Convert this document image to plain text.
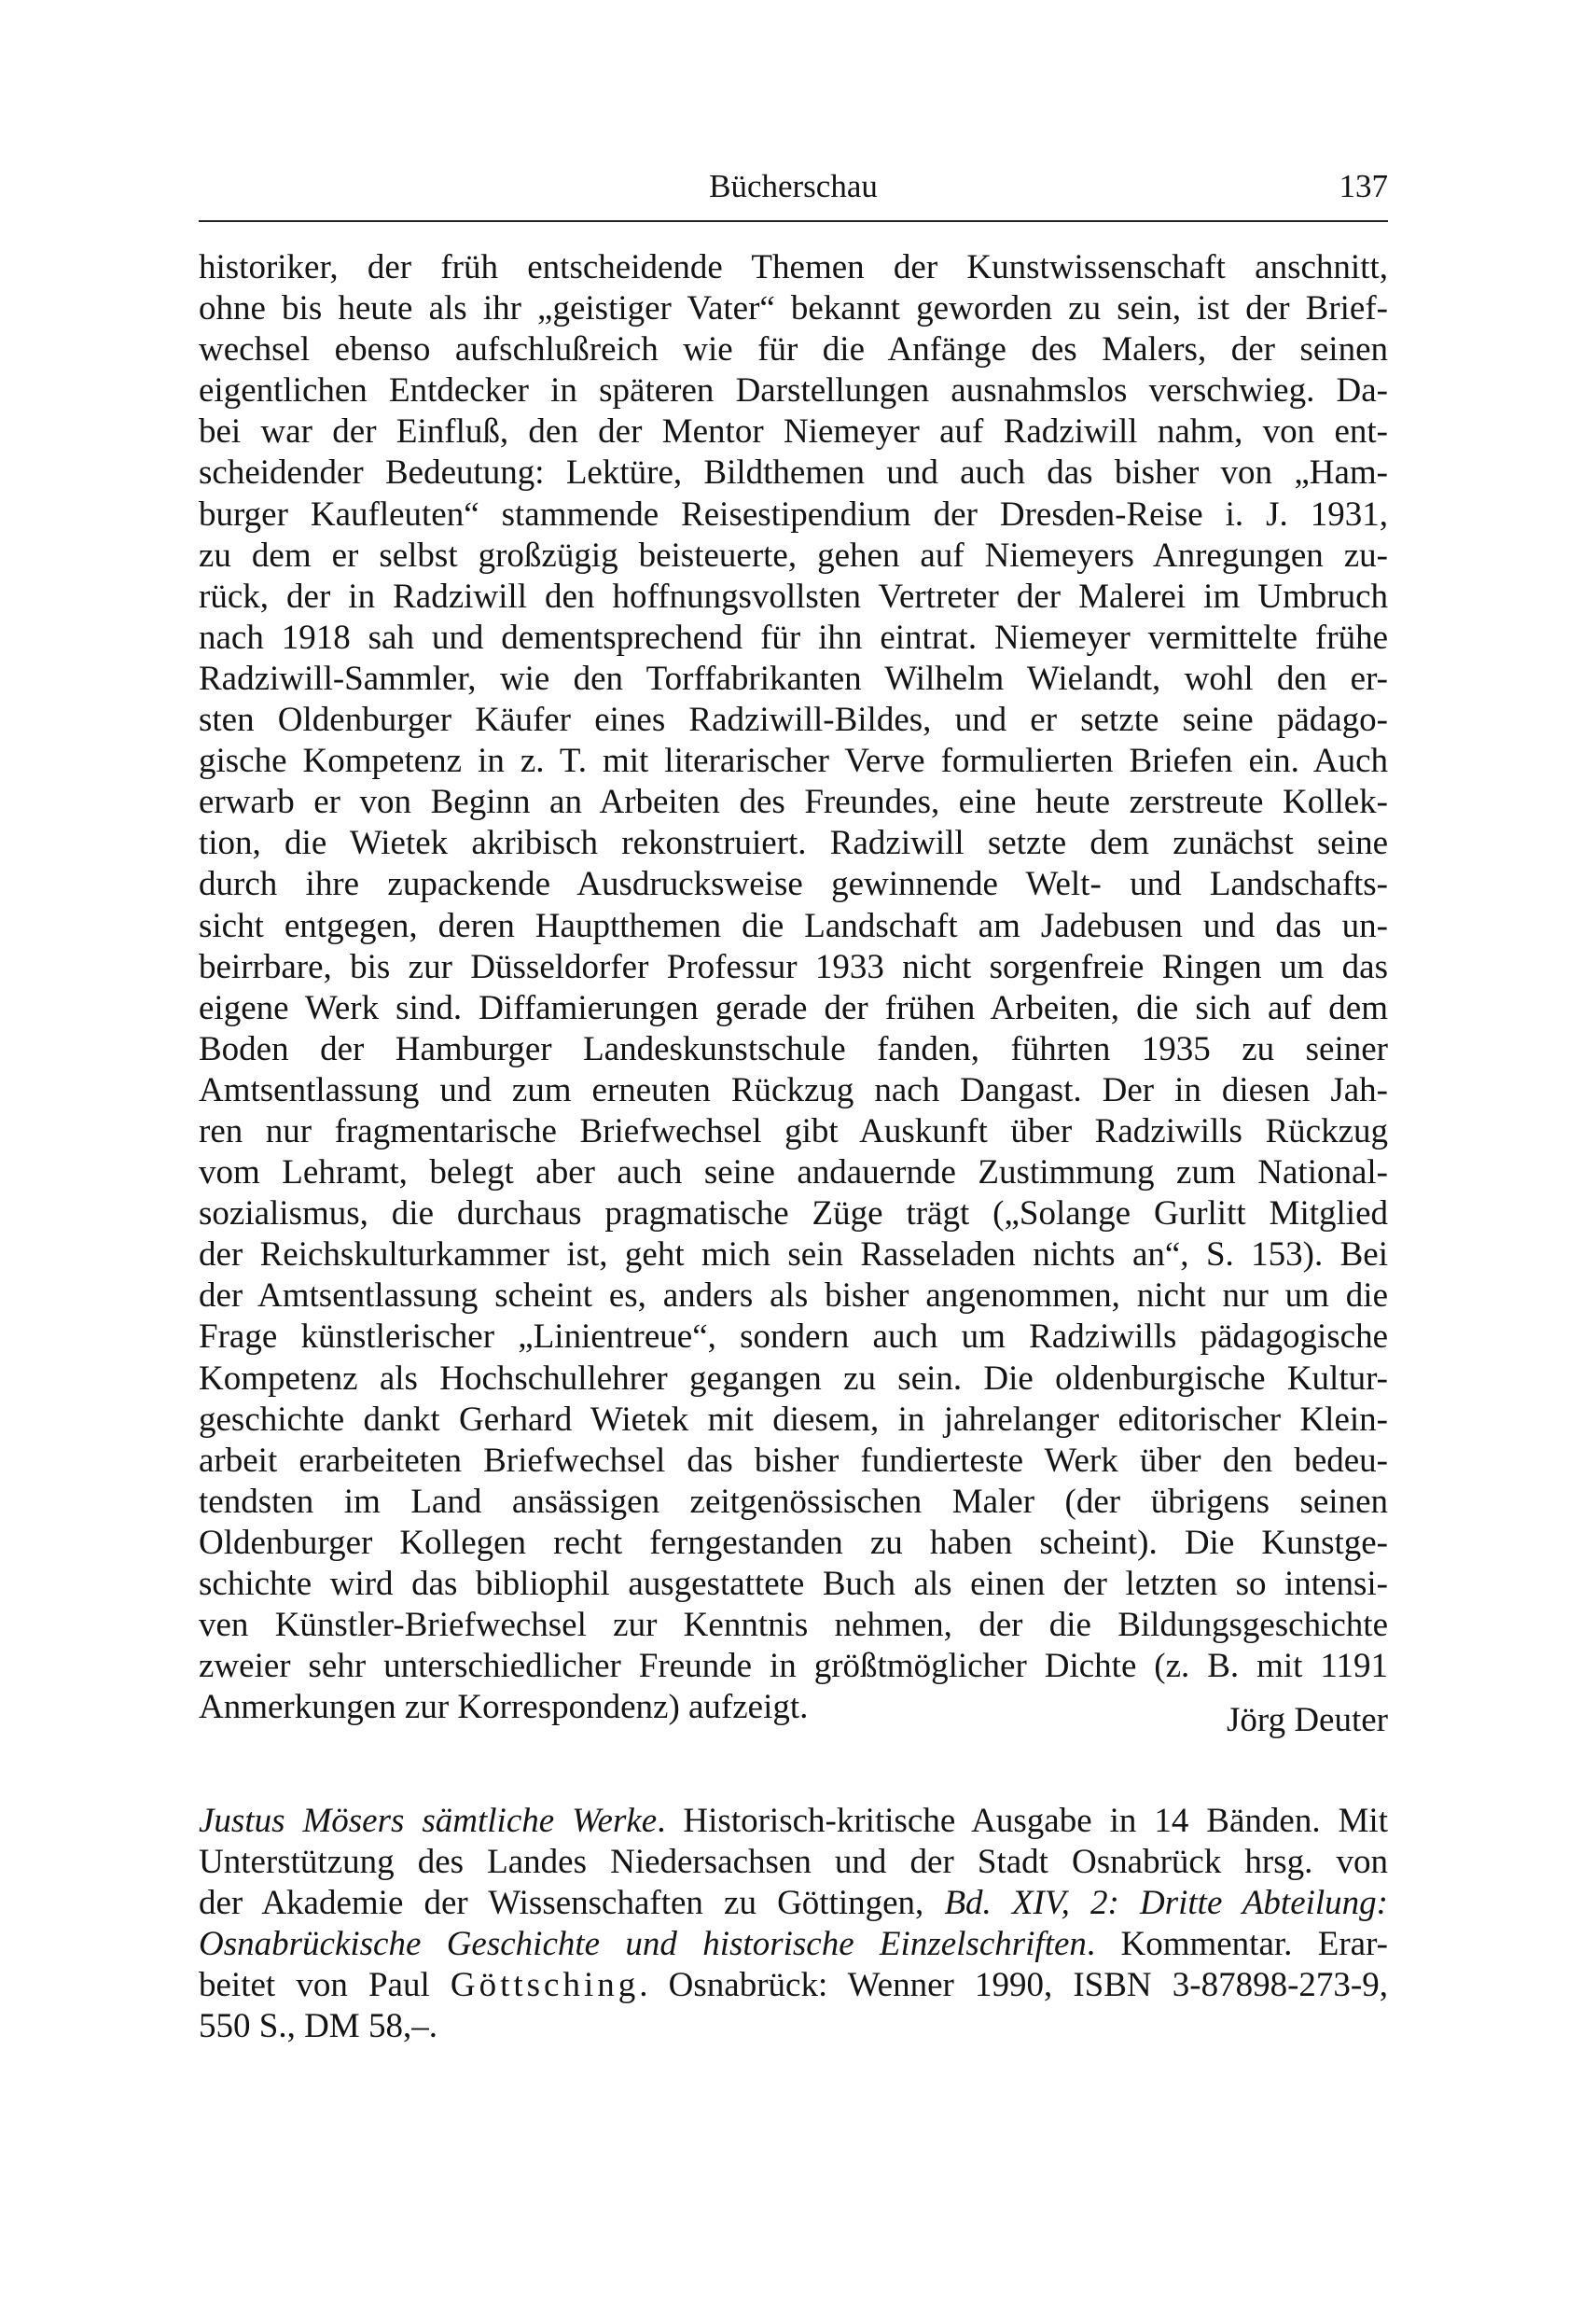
Bücherschau	137
historiker, der früh entscheidende Themen der Kunstwissenschaft anschnitt,
ohne bis heute als ihr „geistiger Vater“ bekannt geworden zu sein, ist der Brief-
wechsel ebenso aufschlußreich wie für die Anfänge des Malers, der seinen
eigentlichen Entdecker in späteren Darstellungen ausnahmslos verschwieg. Da-
bei war der Einfluß, den der Mentor Niemeyer auf Radziwill nahm, von ent-
scheidender Bedeutung: Lektüre, Bildthemen und auch das bisher von „Ham-
burger Kaufleuten“ stammende Reisestipendium der Dresden-Reise i. J. 1931,
zu dem er selbst großzügig beisteuerte, gehen auf Niemeyers Anregungen zu-
rück, der in Radziwill den hoffnungsvollsten Vertreter der Malerei im Umbruch
nach 1918 sah und dementsprechend für ihn eintrat. Niemeyer vermittelte frühe
Radziwill-Sammler, wie den Torffabrikanten Wilhelm Wielandt, wohl den er-
sten Oldenburger Käufer eines Radziwill-Bildes, und er setzte seine pädago-
gische Kompetenz in z. T. mit literarischer Verve formulierten Briefen ein. Auch
erwarb er von Beginn an Arbeiten des Freundes, eine heute zerstreute Kollek-
tion, die Wietek akribisch rekonstruiert. Radziwill setzte dem zunächst seine
durch ihre zupackende Ausdrucksweise gewinnende Welt- und Landschafts-
sicht entgegen, deren Hauptthemen die Landschaft am Jadebusen und das un-
beirrbare, bis zur Düsseldorfer Professur 1933 nicht sorgenfreie Ringen um das
eigene Werk sind. Diffamierungen gerade der frühen Arbeiten, die sich auf dem
Boden der Hamburger Landeskunstschule fanden, führten 1935 zu seiner
Amtsentlassung und zum erneuten Rückzug nach Dangast. Der in diesen Jah-
ren nur fragmentarische Briefwechsel gibt Auskunft über Radziwills Rückzug
vom Lehramt, belegt aber auch seine andauernde Zustimmung zum National-
sozialismus, die durchaus pragmatische Züge trägt („Solange Gurlitt Mitglied
der Reichskulturkammer ist, geht mich sein Rasseladen nichts an“, S. 153). Bei
der Amtsentlassung scheint es, anders als bisher angenommen, nicht nur um die
Frage künstlerischer „Linientreue“, sondern auch um Radziwills pädagogische
Kompetenz als Hochschullehrer gegangen zu sein. Die oldenburgische Kultur-
geschichte dankt Gerhard Wietek mit diesem, in jahrelanger editorischer Klein-
arbeit erarbeiteten Briefwechsel das bisher fundierteste Werk über den bedeu-
tendsten im Land ansässigen zeitgenössischen Maler (der übrigens seinen
Oldenburger Kollegen recht ferngestanden zu haben scheint). Die Kunstge-
schichte wird das bibliophil ausgestattete Buch als einen der letzten so intensi-
ven Künstler-Briefwechsel zur Kenntnis nehmen, der die Bildungsgeschichte
zweier sehr unterschiedlicher Freunde in größtmöglicher Dichte (z. B. mit 1191
Anmerkungen zur Korrespondenz) aufzeigt.	Jörg Deuter
Justus Mösers sämtliche Werke. Historisch-kritische Ausgabe in 14 Bänden. Mit
Unterstützung des Landes Niedersachsen und der Stadt Osnabrück hrsg. von
der Akademie der Wissenschaften zu Göttingen, Bd. XIV, 2: Dritte Abteilung:
Osnabrückische Geschichte und historische Einzelschriften. Kommentar. Erar-
beitet von Paul Göttsching. Osnabrück: Wenner 1990, ISBN 3-87898-273-9,
550 S., DM 58,–.
